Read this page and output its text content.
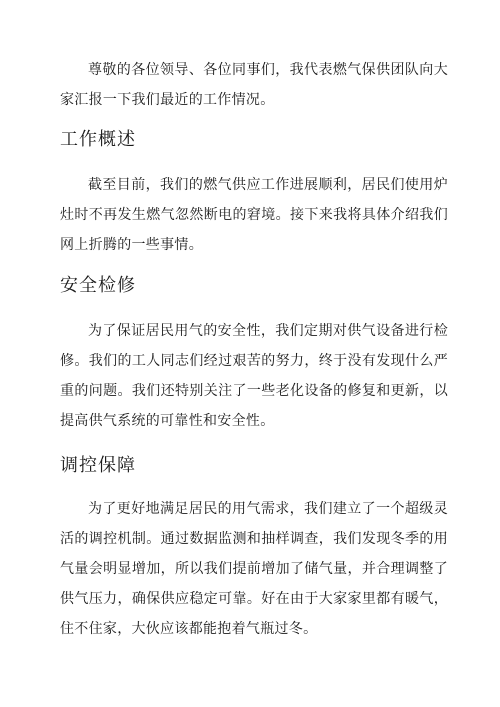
尊敬的各位领导、各位同事们，我代表燃气保供团队向大家汇报一下我们最近的工作情况。

工作概述

截至目前，我们的燃气供应工作进展顺利，居民们使用炉灶时不再发生燃气忽然断电的窘境。接下来我将具体介绍我们网上折腾的一些事情。

安全检修

为了保证居民用气的安全性，我们定期对供气设备进行检修。我们的工人同志们经过艰苦的努力，终于没有发现什么严重的问题。我们还特别关注了一些老化设备的修复和更新，以提高供气系统的可靠性和安全性。

调控保障

为了更好地满足居民的用气需求，我们建立了一个超级灵活的调控机制。通过数据监测和抽样调查，我们发现冬季的用气量会明显增加，所以我们提前增加了储气量，并合理调整了供气压力，确保供应稳定可靠。好在由于大家家里都有暖气，住不住家，大伙应该都能抱着气瓶过冬。
